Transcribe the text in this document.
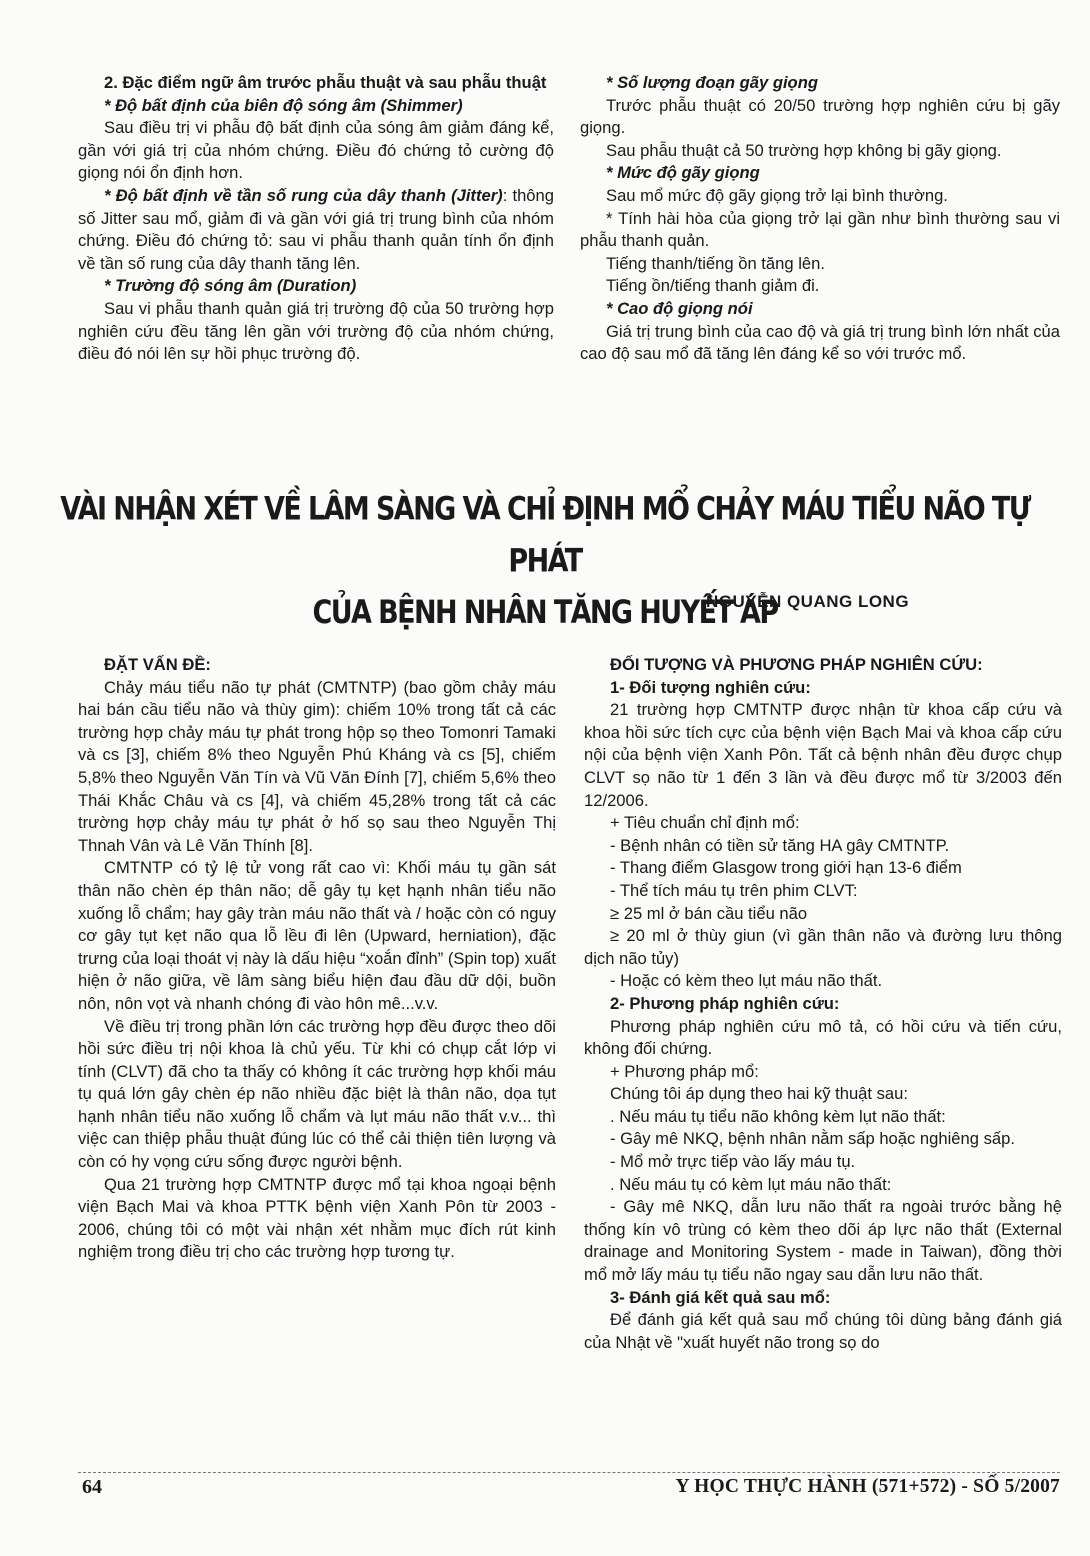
2. Đặc điểm ngữ âm trước phẫu thuật và sau phẫu thuật

* Độ bất định của biên độ sóng âm (Shimmer)

Sau điều trị vi phẫu độ bất định của sóng âm giảm đáng kể, gần với giá trị của nhóm chứng. Điều đó chứng tỏ cường độ giọng nói ổn định hơn.

* Độ bất định về tần số rung của dây thanh (Jitter): thông số Jitter sau mổ, giảm đi và gần với giá trị trung bình của nhóm chứng. Điều đó chứng tỏ: sau vi phẫu thanh quản tính ổn định về tần số rung của dây thanh tăng lên.

* Trường độ sóng âm (Duration)

Sau vi phẫu thanh quản giá trị trường độ của 50 trường hợp nghiên cứu đều tăng lên gần với trường độ của nhóm chứng, điều đó nói lên sự hồi phục trường độ.

* Số lượng đoạn gãy giọng

Trước phẫu thuật có 20/50 trường hợp nghiên cứu bị gãy giọng.

Sau phẫu thuật cả 50 trường hợp không bị gãy giọng.

* Mức độ gãy giọng

Sau mổ mức độ gãy giọng trở lại bình thường.

* Tính hài hòa của giọng trở lại gần như bình thường sau vi phẫu thanh quản.

Tiếng thanh/tiếng ồn tăng lên.

Tiếng ồn/tiếng thanh giảm đi.

* Cao độ giọng nói

Giá trị trung bình của cao độ và giá trị trung bình lớn nhất của cao độ sau mổ đã tăng lên đáng kể so với trước mổ.

VÀI NHẬN XÉT VỀ LÂM SÀNG VÀ CHỈ ĐỊNH MỔ CHẢY MÁU TIỂU NÃO TỰ PHÁT
CỦA BỆNH NHÂN TĂNG HUYẾT ÁP
NGUYỄN QUANG LONG

ĐẶT VẤN ĐỀ:

Chảy máu tiểu não tự phát (CMTNTP) (bao gồm chảy máu hai bán cầu tiểu não và thùy gim): chiếm 10% trong tất cả các trường hợp chảy máu tự phát trong hộp sọ theo Tomonri Tamaki và cs [3], chiếm 8% theo Nguyễn Phú Kháng và cs [5], chiếm 5,8% theo Nguyễn Văn Tín và Vũ Văn Đính [7], chiếm 5,6% theo Thái Khắc Châu và cs [4], và chiếm 45,28% trong tất cả các trường hợp chảy máu tự phát ở hố sọ sau theo Nguyễn Thị Thnah Vân và Lê Văn Thính [8].

CMTNTP có tỷ lệ tử vong rất cao vì: Khối máu tụ gần sát thân não chèn ép thân não; dễ gây tụ kẹt hạnh nhân tiểu não xuống lỗ chẩm; hay gây tràn máu não thất và / hoặc còn có nguy cơ gây tụt kẹt não qua lỗ lều đi lên (Upward, herniation), đặc trưng của loại thoát vị này là dấu hiệu “xoắn đỉnh” (Spin top) xuất hiện ở não giữa, về lâm sàng biểu hiện đau đầu dữ dội, buồn nôn, nôn vọt và nhanh chóng đi vào hôn mê...v.v.

Về điều trị trong phần lớn các trường hợp đều được theo dõi hồi sức điều trị nội khoa là chủ yếu. Từ khi có chụp cắt lớp vi tính (CLVT) đã cho ta thấy có không ít các trường hợp khối máu tụ quá lớn gây chèn ép não nhiều đặc biệt là thân não, dọa tụt hạnh nhân tiểu não xuống lỗ chẩm và lụt máu não thất v.v... thì việc can thiệp phẫu thuật đúng lúc có thể cải thiện tiên lượng và còn có hy vọng cứu sống được người bệnh.

Qua 21 trường hợp CMTNTP được mổ tại khoa ngoại bệnh viện Bạch Mai và khoa PTTK bệnh viện Xanh Pôn từ 2003 - 2006, chúng tôi có một vài nhận xét nhằm mục đích rút kinh nghiệm trong điều trị cho các trường hợp tương tự.

ĐỐI TƯỢNG VÀ PHƯƠNG PHÁP NGHIÊN CỨU:

1- Đối tượng nghiên cứu:

21 trường hợp CMTNTP được nhận từ khoa cấp cứu và khoa hồi sức tích cực của bệnh viện Bạch Mai và khoa cấp cứu nội của bệnh viện Xanh Pôn. Tất cả bệnh nhân đều được chụp CLVT sọ não từ 1 đến 3 lần và đều được mổ từ 3/2003 đến 12/2006.

+ Tiêu chuẩn chỉ định mổ:

- Bệnh nhân có tiền sử tăng HA gây CMTNTP.

- Thang điểm Glasgow trong giới hạn 13-6 điểm

- Thể tích máu tụ trên phim CLVT:

≥ 25 ml ở bán cầu tiểu não

≥ 20 ml ở thùy giun (vì gần thân não và đường lưu thông dịch não tủy)

- Hoặc có kèm theo lụt máu não thất.

2- Phương pháp nghiên cứu:

Phương pháp nghiên cứu mô tả, có hồi cứu và tiến cứu, không đối chứng.

+ Phương pháp mổ:

Chúng tôi áp dụng theo hai kỹ thuật sau:

. Nếu máu tụ tiểu não không kèm lụt não thất:

- Gây mê NKQ, bệnh nhân nằm sấp hoặc nghiêng sấp.

- Mổ mở trực tiếp vào lấy máu tụ.

. Nếu máu tụ có kèm lụt máu não thất:

- Gây mê NKQ, dẫn lưu não thất ra ngoài trước bằng hệ thống kín vô trùng có kèm theo dõi áp lực não thất (External drainage and Monitoring System - made in Taiwan), đồng thời mổ mở lấy máu tụ tiểu não ngay sau dẫn lưu não thất.

3- Đánh giá kết quả sau mổ:

Để đánh giá kết quả sau mổ chúng tôi dùng bảng đánh giá của Nhật về "xuất huyết não trong sọ do

64	Y HỌC THỰC HÀNH (571+572) - SỐ 5/2007
